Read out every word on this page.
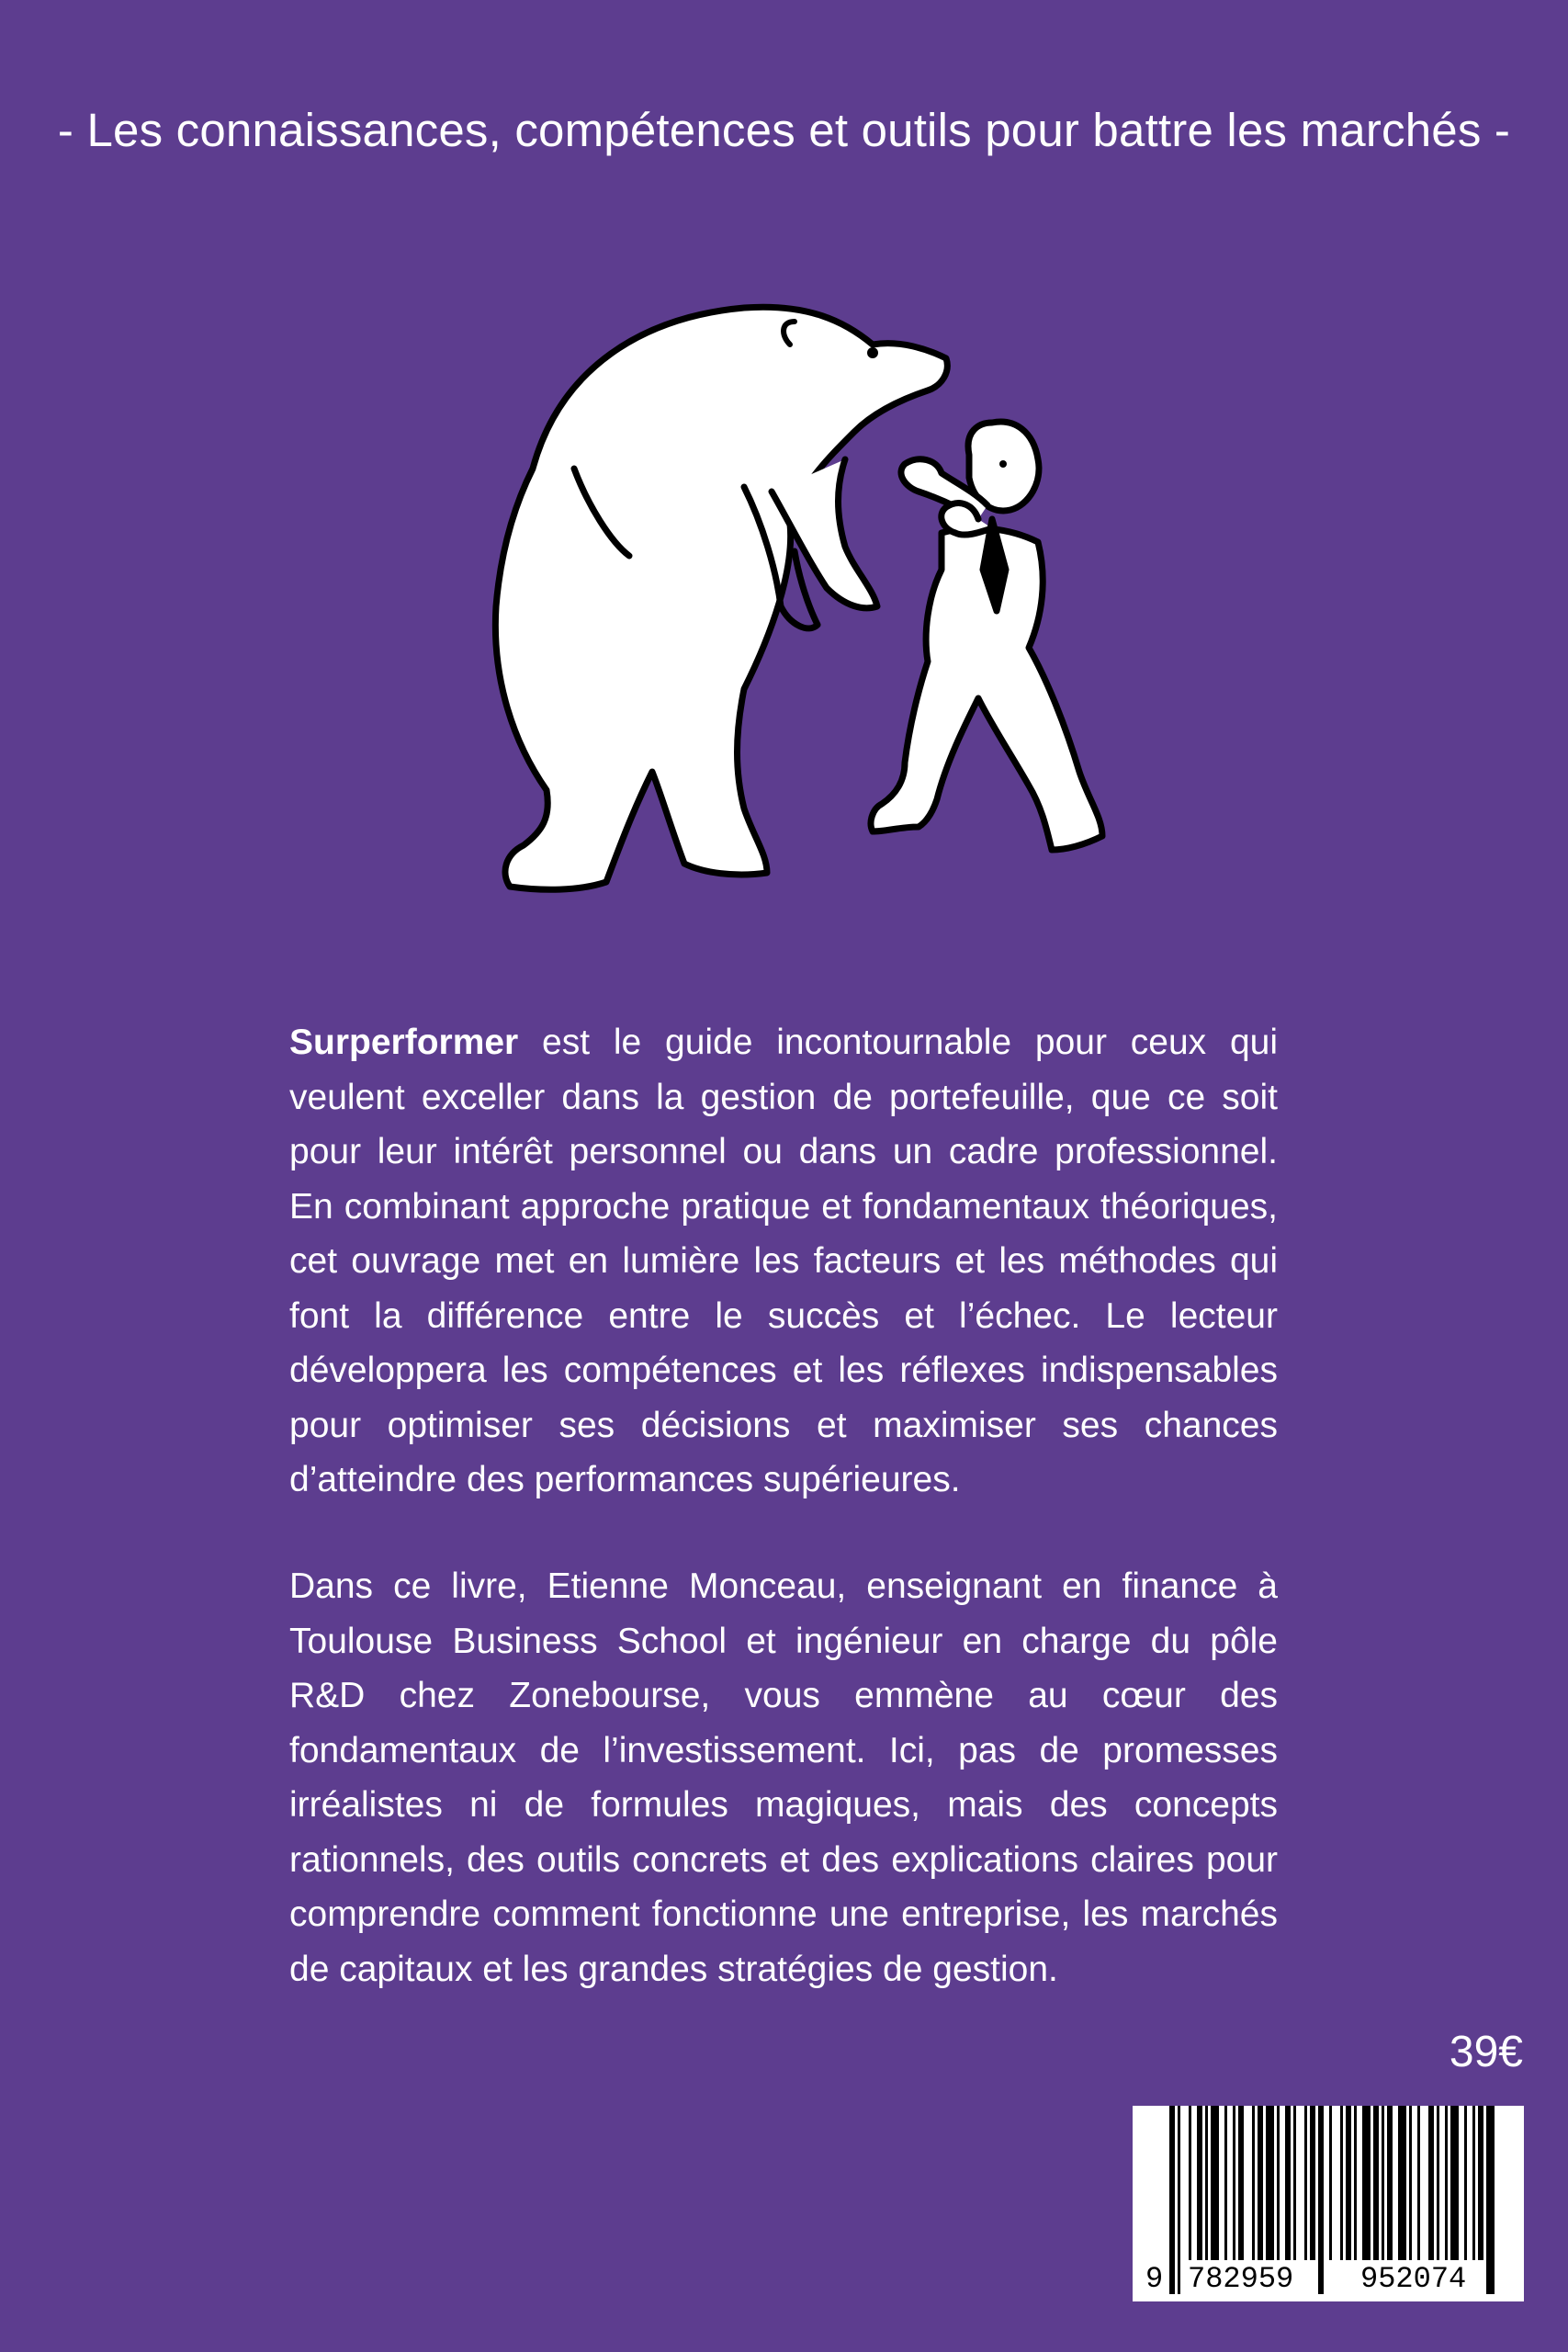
- Les connaissances, compétences et outils pour battre les marchés -
Surperformer est le guide incontournable pour ceux qui veulent exceller dans la gestion de portefeuille, que ce soit pour leur intérêt personnel ou dans un cadre professionnel. En combinant approche pratique et fondamentaux théoriques, cet ouvrage met en lumière les facteurs et les méthodes qui font la différence entre le succès et l’échec. Le lecteur développera les compétences et les réflexes indispensables pour optimiser ses décisions et maximiser ses chances d’atteindre des performances supérieures.
Dans ce livre, Etienne Monceau, enseignant en finance à Toulouse Business School et ingénieur en charge du pôle R&D chez Zonebourse, vous emmène au cœur des fondamentaux de l’investissement. Ici, pas de promesses irréalistes ni de formules magiques, mais des concepts rationnels, des outils concrets et des explications claires pour comprendre comment fonctionne une entreprise, les marchés de capitaux et les grandes stratégies de gestion.
39€
9 782959 952074
